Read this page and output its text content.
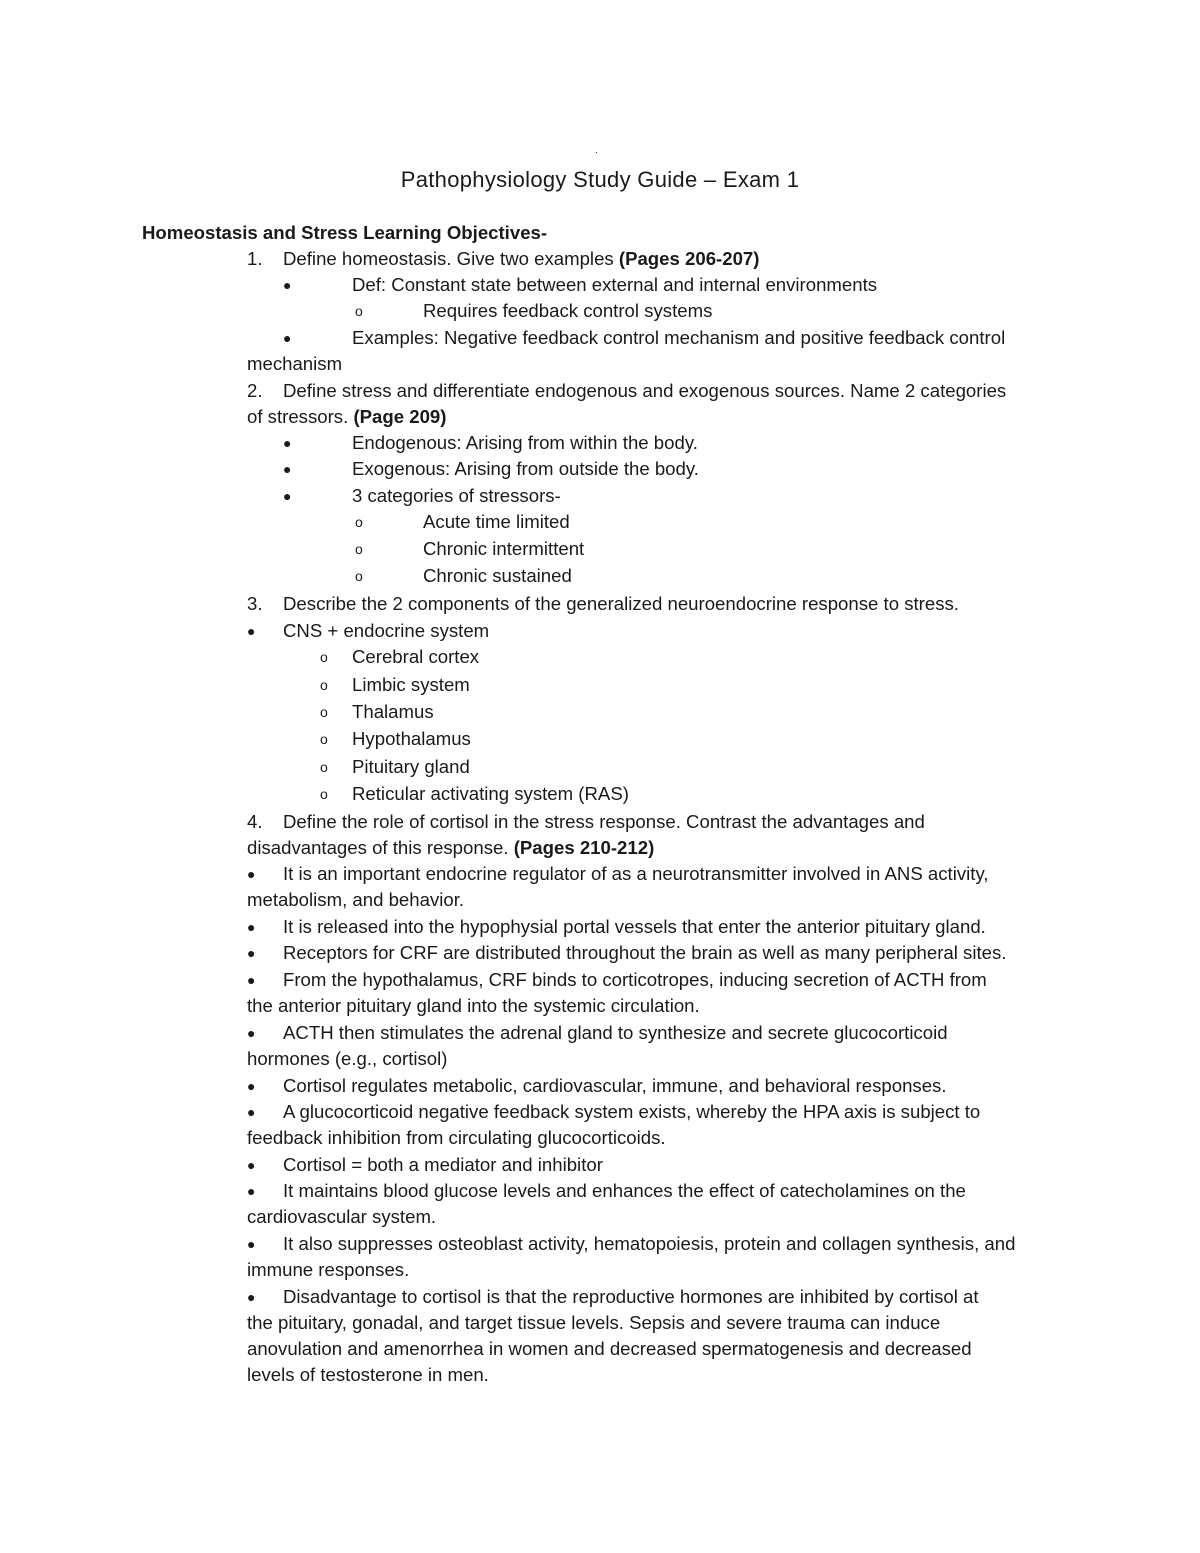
.
Pathophysiology Study Guide – Exam 1
Homeostasis and Stress Learning Objectives-
1. Define homeostasis. Give two examples (Pages 206-207)
●	Def: Constant state between external and internal environments
o	Requires feedback control systems
●	Examples: Negative feedback control mechanism and positive feedback control
mechanism
2. Define stress and differentiate endogenous and exogenous sources. Name 2 categories
of stressors. (Page 209)
●	Endogenous: Arising from within the body.
●	Exogenous: Arising from outside the body.
●	3 categories of stressors-
o	Acute time limited
o	Chronic intermittent
o	Chronic sustained
3. Describe the 2 components of the generalized neuroendocrine response to stress.
● CNS + endocrine system
o Cerebral cortex
o Limbic system
o Thalamus
o Hypothalamus
o Pituitary gland
o Reticular activating system (RAS)
4. Define the role of cortisol in the stress response. Contrast the advantages and
disadvantages of this response. (Pages 210-212)
● It is an important endocrine regulator of as a neurotransmitter involved in ANS activity,
metabolism, and behavior.
● It is released into the hypophysial portal vessels that enter the anterior pituitary gland.
● Receptors for CRF are distributed throughout the brain as well as many peripheral sites.
● From the hypothalamus, CRF binds to corticotropes, inducing secretion of ACTH from
the anterior pituitary gland into the systemic circulation.
● ACTH then stimulates the adrenal gland to synthesize and secrete glucocorticoid
hormones (e.g., cortisol)
● Cortisol regulates metabolic, cardiovascular, immune, and behavioral responses.
● A glucocorticoid negative feedback system exists, whereby the HPA axis is subject to
feedback inhibition from circulating glucocorticoids.
● Cortisol = both a mediator and inhibitor
● It maintains blood glucose levels and enhances the effect of catecholamines on the
cardiovascular system.
● It also suppresses osteoblast activity, hematopoiesis, protein and collagen synthesis, and
immune responses.
● Disadvantage to cortisol is that the reproductive hormones are inhibited by cortisol at
the pituitary, gonadal, and target tissue levels. Sepsis and severe trauma can induce
anovulation and amenorrhea in women and decreased spermatogenesis and decreased
levels of testosterone in men.
